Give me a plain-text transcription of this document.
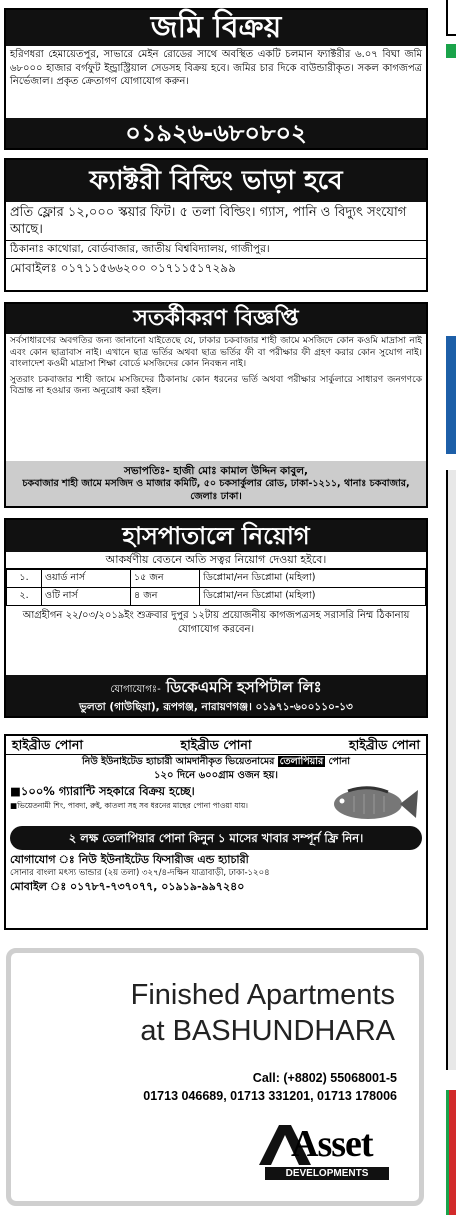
জমি বিক্রয়
হরিণধরা হেমায়েতপুর, সাভারে মেইন রোডের সাথে অবস্থিত একটি চলমান ফ্যাক্টরীর ৬.০৭ বিঘা জমি ৬৮০০০ হাজার বর্গফুট ইন্ড্রাস্ট্রিয়াল সেডসহ বিক্রয় হবে। জমির চার দিকে বাউন্ডারীকৃত। সকল কাগজপত্র নির্ভেজাল। প্রকৃত ক্রেতাগণ যোগাযোগ করুন।
০১৯২৬-৬৮০৮০২
ফ্যাক্টরী বিল্ডিং ভাড়া হবে
প্রতি ফ্লোর ১২,০০০ স্কয়ার ফিট। ৫ তলা বিল্ডিং। গ্যাস, পানি ও বিদ্যুৎ সংযোগ আছে।
ঠিকানাঃ কাথোরা, বোর্ডবাজার, জাতীয় বিশ্ববিদ্যালয়, গাজীপুর।
মোবাইলঃ ০১৭১১৫৬৬২০০ ০১৭১১৫১৭২৯৯
সতর্কীকরণ বিজ্ঞপ্তি
সর্বসাধারণের অবগতির জন্য জানানো যাইতেছে যে, ঢাকার চকবাজার শাহী জামে মসজিদে কোন কওমি মাদ্রাসা নাই এবং কোন ছাত্রাবাস নাই। এখানে ছাত্র ভর্তির অথবা ছাত্র ভর্তির ফী বা পরীক্ষার ফী গ্রহণ করার কোন সুযোগ নাই। বাংলাদেশ কওমী মাদ্রাসা শিক্ষা বোর্ডে মসজিদের কোন নিবন্ধন নাই।
সুতরাং চকবাজার শাহী জামে মসজিদের ঠিকানায় কোন ধরনের ভর্তি অথবা পরীক্ষার সার্কুলারে সাধারণ জনগণকে বিভ্রান্ত না হওয়ার জন্য অনুরোধ করা হইল।
সভাপতিঃ- হাজী মোঃ কামাল উদ্দিন কাবুল,
চকবাজার শাহী জামে মসজিদ ও মাজার কমিটি, ৫০ চকসার্কুলার রোড, ঢাকা-১২১১, থানাঃ চকবাজার, জেলাঃ ঢাকা।
হাসপাতালে নিয়োগ
আকর্ষণীয় বেতনে অতি সত্বর নিয়োগ দেওয়া হইবে।
১.	ওয়ার্ড নার্স	১৫ জন	ডিপ্লোমা/নন ডিপ্লোমা (মহিলা)
২.	ওটি নার্স	৪ জন	ডিপ্লোমা/নন ডিপ্লোমা (মহিলা)
আগ্রহীগন ২২/০৩/২০১৯ইং শুক্রবার দুপুর ১২টায় প্রয়োজনীয় কাগজপত্রসহ সরাসরি নিম্ম ঠিকানায় যোগাযোগ করবেন।
যোগাযোগঃ- ডিকেএমসি হসপিটাল লিঃ
ভুলতা (গাউছিয়া), রূপগঞ্জ, নারায়ণগঞ্জ। ০১৯৭১-৬০০১১০-১৩
হাইব্রীড পোনা	হাইব্রীড পোনা	হাইব্রীড পোনা
নিউ ইউনাইটেড হ্যাচারী আমদানীকৃত ভিয়েতনামের তেলাপিয়ার পোনা
১২০ দিনে ৬০০গ্রাম ওজন হয়।
■১০০% গ্যারান্টি সহকারে বিক্রয় হচ্ছে।
■ভিয়েতনামী শিং, পাবদা, রুই, কাতলা সহ সব ধরনের মাছের পোনা পাওয়া যায়।
২ লক্ষ তেলাপিয়ার পোনা কিনুন ১ মাসের খাবার সম্পূর্ন ফ্রি নিন।
যোগাযোগ ঃ নিউ ইউনাইটেড ফিসারীজ এন্ড হ্যাচারী
সোনার বাংলা মৎস্য ভান্ডার (২য় তলা) ৩২৭/৪-দক্ষিন যাত্রাবাড়ী, ঢাকা-১২০৪
মোবাইল ঃ ০১৭৮৭-৭৩৭০৭৭, ০১৯১৯-৯৯৭২৪০
Finished Apartments
at BASHUNDHARA
Call: (+8802) 55068001-5
01713 046689, 01713 331201, 01713 178006
Asset
DEVELOPMENTS
